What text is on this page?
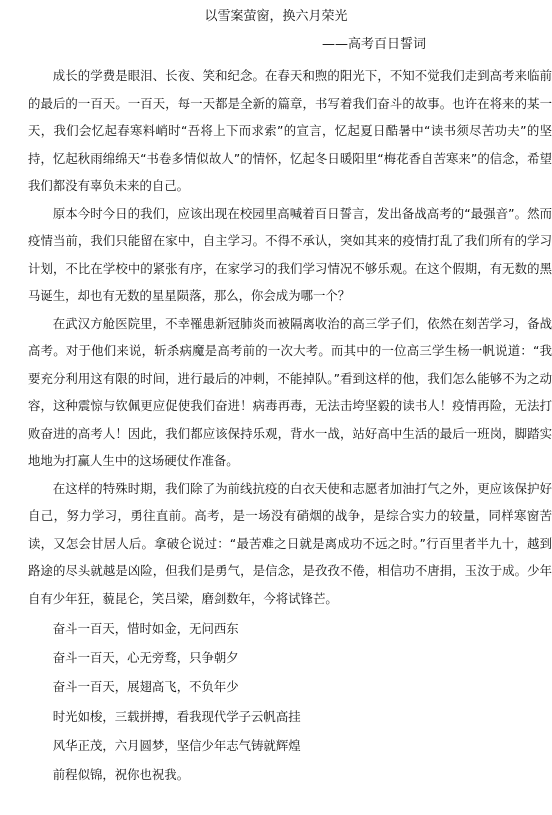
以雪案萤窗，换六月荣光
——高考百日誓词

成长的学费是眼泪、长夜、笑和纪念。在春天和煦的阳光下，不知不觉我们走到高考来临前的最后的一百天。一百天，每一天都是全新的篇章，书写着我们奋斗的故事。也许在将来的某一天，我们会忆起春寒料峭时“吾将上下而求索”的宣言，忆起夏日酷暑中“读书须尽苦功夫”的坚持，忆起秋雨绵绵天“书卷多情似故人”的情怀，忆起冬日暖阳里“梅花香自苦寒来”的信念，希望我们都没有辜负未来的自己。

原本今时今日的我们，应该出现在校园里高喊着百日誓言，发出备战高考的“最强音”。然而疫情当前，我们只能留在家中，自主学习。不得不承认，突如其来的疫情打乱了我们所有的学习计划，不比在学校中的紧张有序，在家学习的我们学习情况不够乐观。在这个假期，有无数的黑马诞生，却也有无数的星星陨落，那么，你会成为哪一个？

在武汉方舱医院里，不幸罹患新冠肺炎而被隔离收治的高三学子们，依然在刻苦学习，备战高考。对于他们来说，斩杀病魔是高考前的一次大考。而其中的一位高三学生杨一帆说道：“我要充分利用这有限的时间，进行最后的冲刺，不能掉队。”看到这样的他，我们怎么能够不为之动容，这种震惊与钦佩更应促使我们奋进！病毒再毒，无法击垮坚毅的读书人！疫情再险，无法打败奋进的高考人！因此，我们都应该保持乐观，背水一战，站好高中生活的最后一班岗，脚踏实地地为打赢人生中的这场硬仗作准备。

在这样的特殊时期，我们除了为前线抗疫的白衣天使和志愿者加油打气之外，更应该保护好自己，努力学习，勇往直前。高考，是一场没有硝烟的战争，是综合实力的较量，同样寒窗苦读，又怎会甘居人后。拿破仑说过：“最苦难之日就是离成功不远之时。”行百里者半九十，越到路途的尽头就越是凶险，但我们是勇气，是信念，是孜孜不倦，相信功不唐捐，玉汝于成。少年自有少年狂，藐昆仑，笑吕梁，磨剑数年，今将试锋芒。

奋斗一百天，惜时如金，无问西东

奋斗一百天，心无旁骛，只争朝夕

奋斗一百天，展翅高飞，不负年少

时光如梭，三载拼搏，看我现代学子云帆高挂

风华正茂，六月圆梦，坚信少年志气铸就辉煌

前程似锦，祝你也祝我。
